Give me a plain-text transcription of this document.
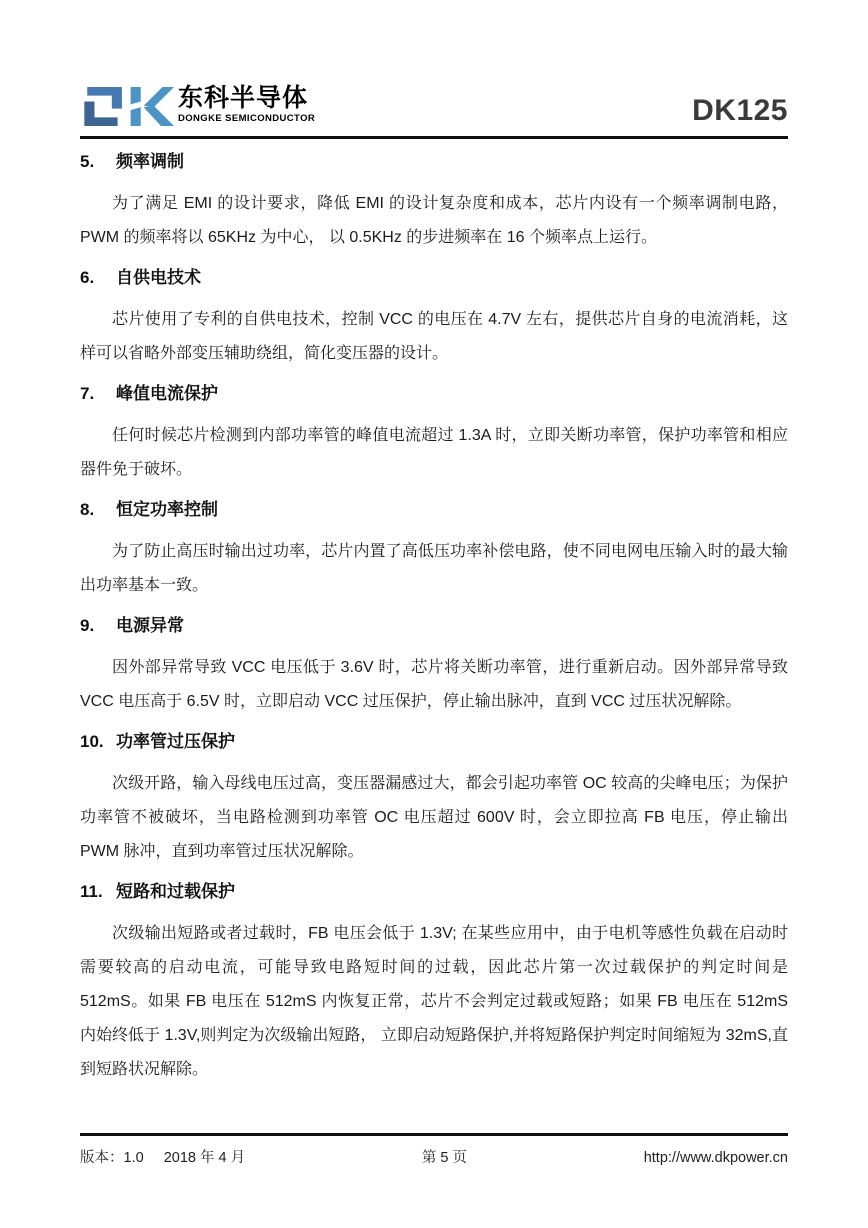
东科半导体
DONGKE SEMICONDUCTOR	DK125
5.	频率调制

为了满足 EMI 的设计要求，降低 EMI 的设计复杂度和成本，芯片内设有一个频率调制电路，PWM 的频率将以 65KHz 为中心， 以 0.5KHz 的步进频率在 16 个频率点上运行。

6.	自供电技术

芯片使用了专利的自供电技术，控制 VCC 的电压在 4.7V 左右，提供芯片自身的电流消耗，这样可以省略外部变压辅助绕组，简化变压器的设计。

7.	峰值电流保护

任何时候芯片检测到内部功率管的峰值电流超过 1.3A 时，立即关断功率管，保护功率管和相应器件免于破坏。

8.	恒定功率控制

为了防止高压时输出过功率，芯片内置了高低压功率补偿电路，使不同电网电压输入时的最大输出功率基本一致。

9.	电源异常

因外部异常导致 VCC 电压低于 3.6V 时，芯片将关断功率管，进行重新启动。因外部异常导致 VCC 电压高于 6.5V 时，立即启动 VCC 过压保护，停止输出脉冲，直到 VCC 过压状况解除。

10. 功率管过压保护

次级开路，输入母线电压过高，变压器漏感过大，都会引起功率管 OC 较高的尖峰电压；为保护功率管不被破坏，当电路检测到功率管 OC 电压超过 600V 时，会立即拉高 FB 电压，停止输出 PWM 脉冲，直到功率管过压状况解除。

11. 短路和过载保护

次级输出短路或者过载时，FB 电压会低于 1.3V; 在某些应用中，由于电机等感性负载在启动时需要较高的启动电流，可能导致电路短时间的过载，因此芯片第一次过载保护的判定时间是 512mS。如果 FB 电压在 512mS 内恢复正常，芯片不会判定过载或短路；如果 FB 电压在 512mS 内始终低于 1.3V,则判定为次级输出短路， 立即启动短路保护,并将短路保护判定时间缩短为 32mS,直到短路状况解除。

版本：1.0 2018 年 4 月	第 5 页	http://www.dkpower.cn
